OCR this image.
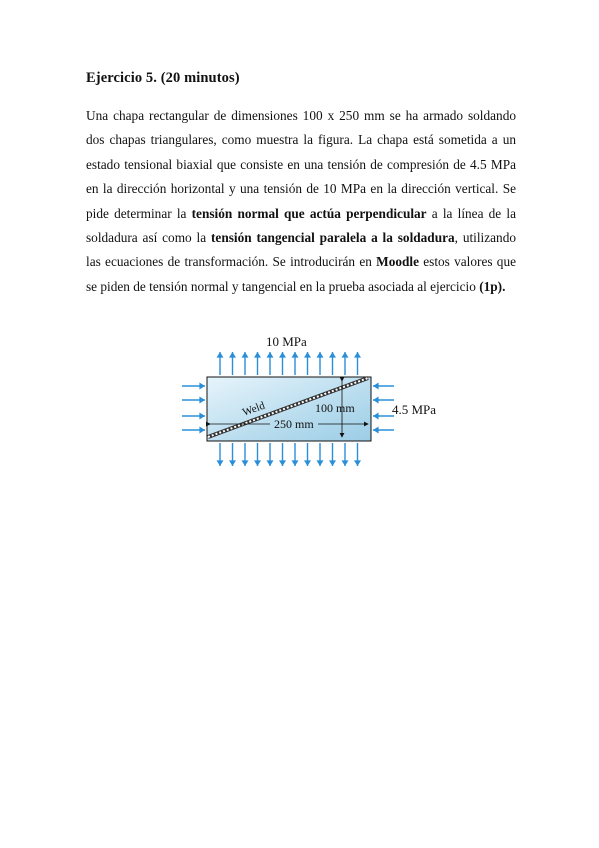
Ejercicio 5. (20 minutos)
Una chapa rectangular de dimensiones 100 x 250 mm se ha armado soldando dos chapas triangulares, como muestra la figura. La chapa está sometida a un estado tensional biaxial que consiste en una tensión de compresión de 4.5 MPa en la dirección horizontal y una tensión de 10 MPa en la dirección vertical. Se pide determinar la tensión normal que actúa perpendicular a la línea de la soldadura así como la tensión tangencial paralela a la soldadura, utilizando las ecuaciones de transformación. Se introducirán en Moodle estos valores que se piden de tensión normal y tangencial en la prueba asociada al ejercicio (1p).
10 MPa
Weld	100 mm
250 mm
4.5 MPa
